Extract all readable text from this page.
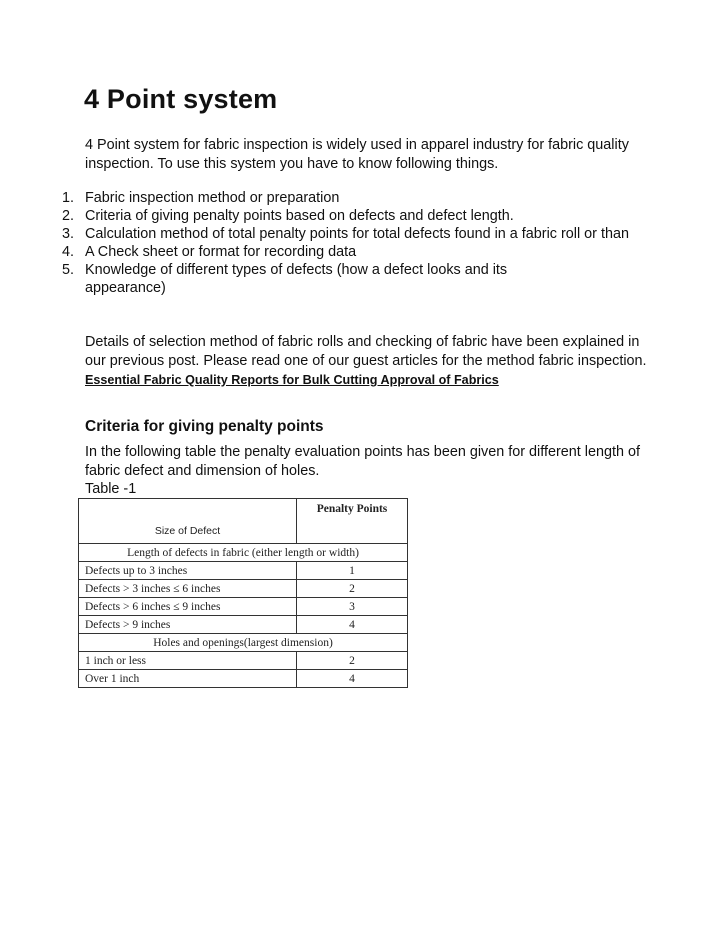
4 Point system

4 Point system for fabric inspection is widely used in apparel industry for fabric quality inspection. To use this system you have to know following things.

1. Fabric inspection method or preparation
2. Criteria of giving penalty points based on defects and defect length.
3. Calculation method of total penalty points for total defects found in a fabric roll or than
4. A Check sheet or format for recording data
5. Knowledge of different types of defects (how a defect looks and its appearance)

Details of selection method of fabric rolls and checking of fabric have been explained in our previous post. Please read one of our guest articles for the method fabric inspection. Essential Fabric Quality Reports for Bulk Cutting Approval of Fabrics

Criteria for giving penalty points

In the following table the penalty evaluation points has been given for different length of fabric defect and dimension of holes.

Table -1

Size of Defect	Penalty Points
Length of defects in fabric (either length or width)	
Defects up to 3 inches	1
Defects > 3 inches ≤ 6 inches	2
Defects > 6 inches ≤ 9 inches	3
Defects > 9 inches	4
Holes and openings(largest dimension)	
1 inch or less	2
Over 1 inch	4
